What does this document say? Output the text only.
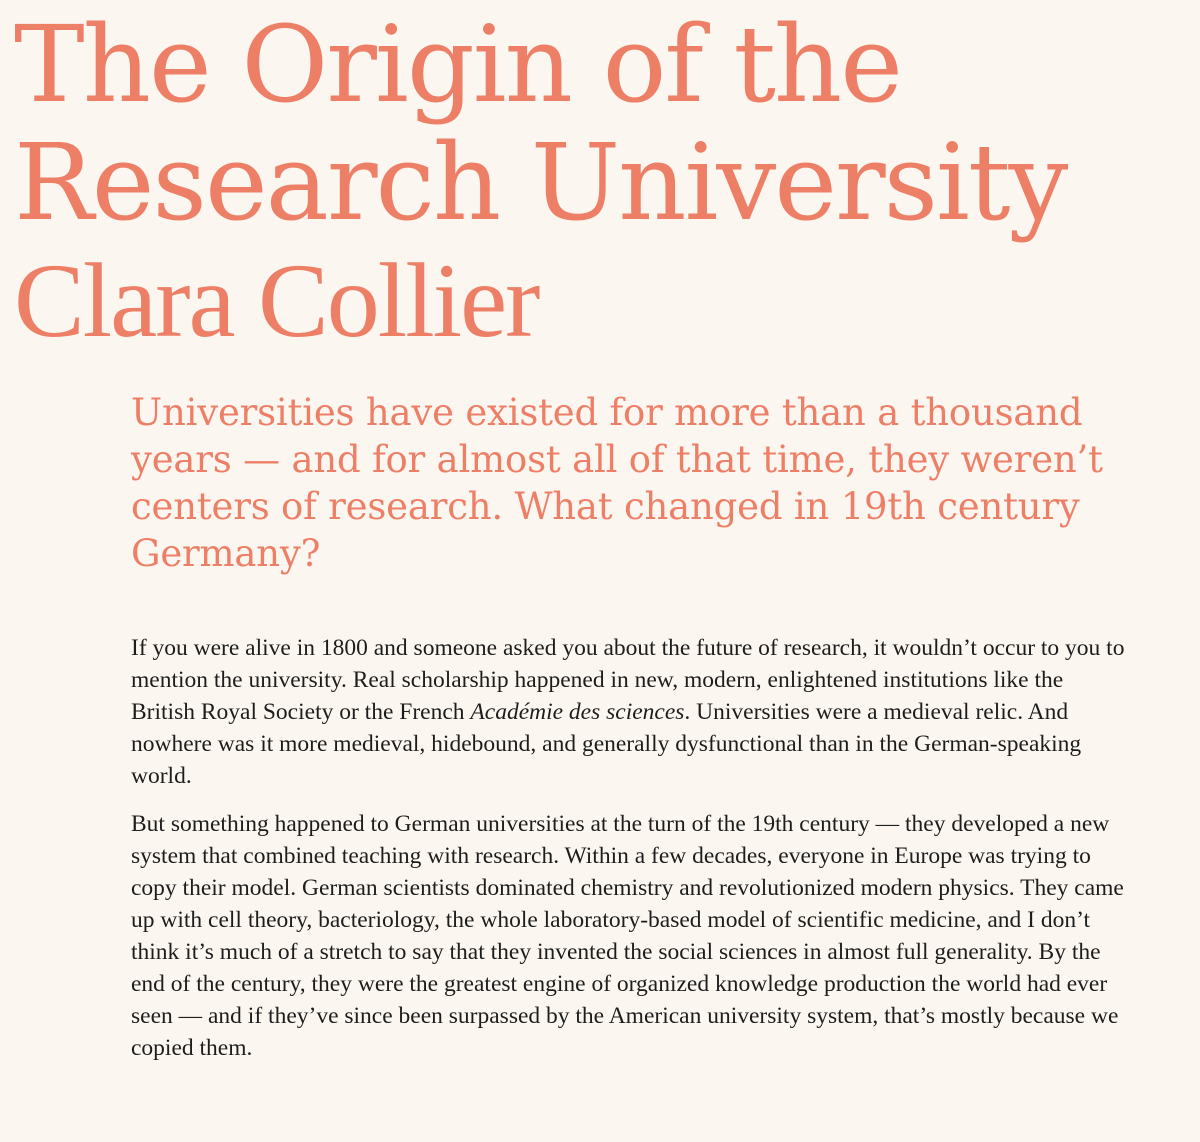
The Origin of the
Research University
Clara Collier

Universities have existed for more than a thousand years — and for almost all of that time, they weren’t centers of research. What changed in 19th century Germany?

If you were alive in 1800 and someone asked you about the future of research, it wouldn’t occur to you to mention the university. Real scholarship happened in new, modern, enlightened institutions like the British Royal Society or the French Académie des sciences. Universities were a medieval relic. And nowhere was it more medieval, hidebound, and generally dysfunctional than in the German-speaking world.

But something happened to German universities at the turn of the 19th century — they developed a new system that combined teaching with research. Within a few decades, everyone in Europe was trying to copy their model. German scientists dominated chemistry and revolutionized modern physics. They came up with cell theory, bacteriology, the whole laboratory-based model of scientific medicine, and I don’t think it’s much of a stretch to say that they invented the social sciences in almost full generality. By the end of the century, they were the greatest engine of organized knowledge production the world had ever seen — and if they’ve since been surpassed by the American university system, that’s mostly because we copied them.
